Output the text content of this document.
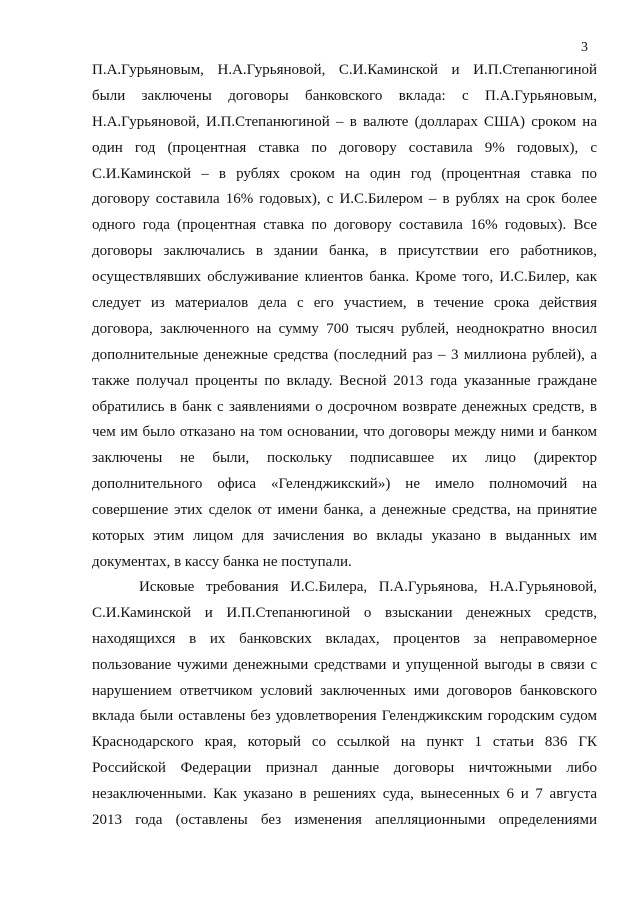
3
П.А.Гурьяновым, Н.А.Гурьяновой, С.И.Каминской и И.П.Степанюгиной
были заключены договоры банковского вклада: с П.А.Гурьяновым,
Н.А.Гурьяновой, И.П.Степанюгиной – в валюте (долларах США) сроком на
один год (процентная ставка по договору составила 9% годовых), с
С.И.Каминской – в рублях сроком на один год (процентная ставка по
договору составила 16% годовых), с И.С.Билером – в рублях на срок более
одного года (процентная ставка по договору составила 16% годовых). Все
договоры заключались в здании банка, в присутствии его работников,
осуществлявших обслуживание клиентов банка. Кроме того, И.С.Билер, как
следует из материалов дела с его участием, в течение срока действия
договора, заключенного на сумму 700 тысяч рублей, неоднократно вносил
дополнительные денежные средства (последний раз – 3 миллиона рублей), а
также получал проценты по вкладу. Весной 2013 года указанные граждане
обратились в банк с заявлениями о досрочном возврате денежных средств, в
чем им было отказано на том основании, что договоры между ними и банком
заключены не были, поскольку подписавшее их лицо (директор
дополнительного офиса «Геленджикский») не имело полномочий на
совершение этих сделок от имени банка, а денежные средства, на принятие
которых этим лицом для зачисления во вклады указано в выданных им
документах, в кассу банка не поступали.
Исковые требования И.С.Билера, П.А.Гурьянова, Н.А.Гурьяновой,
С.И.Каминской и И.П.Степанюгиной о взыскании денежных средств,
находящихся в их банковских вкладах, процентов за неправомерное
пользование чужими денежными средствами и упущенной выгоды в связи с
нарушением ответчиком условий заключенных ими договоров банковского
вклада были оставлены без удовлетворения Геленджикским городским судом
Краснодарского края, который со ссылкой на пункт 1 статьи 836 ГК
Российской Федерации признал данные договоры ничтожными либо
незаключенными. Как указано в решениях суда, вынесенных 6 и 7 августа
2013 года (оставлены без изменения апелляционными определениями
